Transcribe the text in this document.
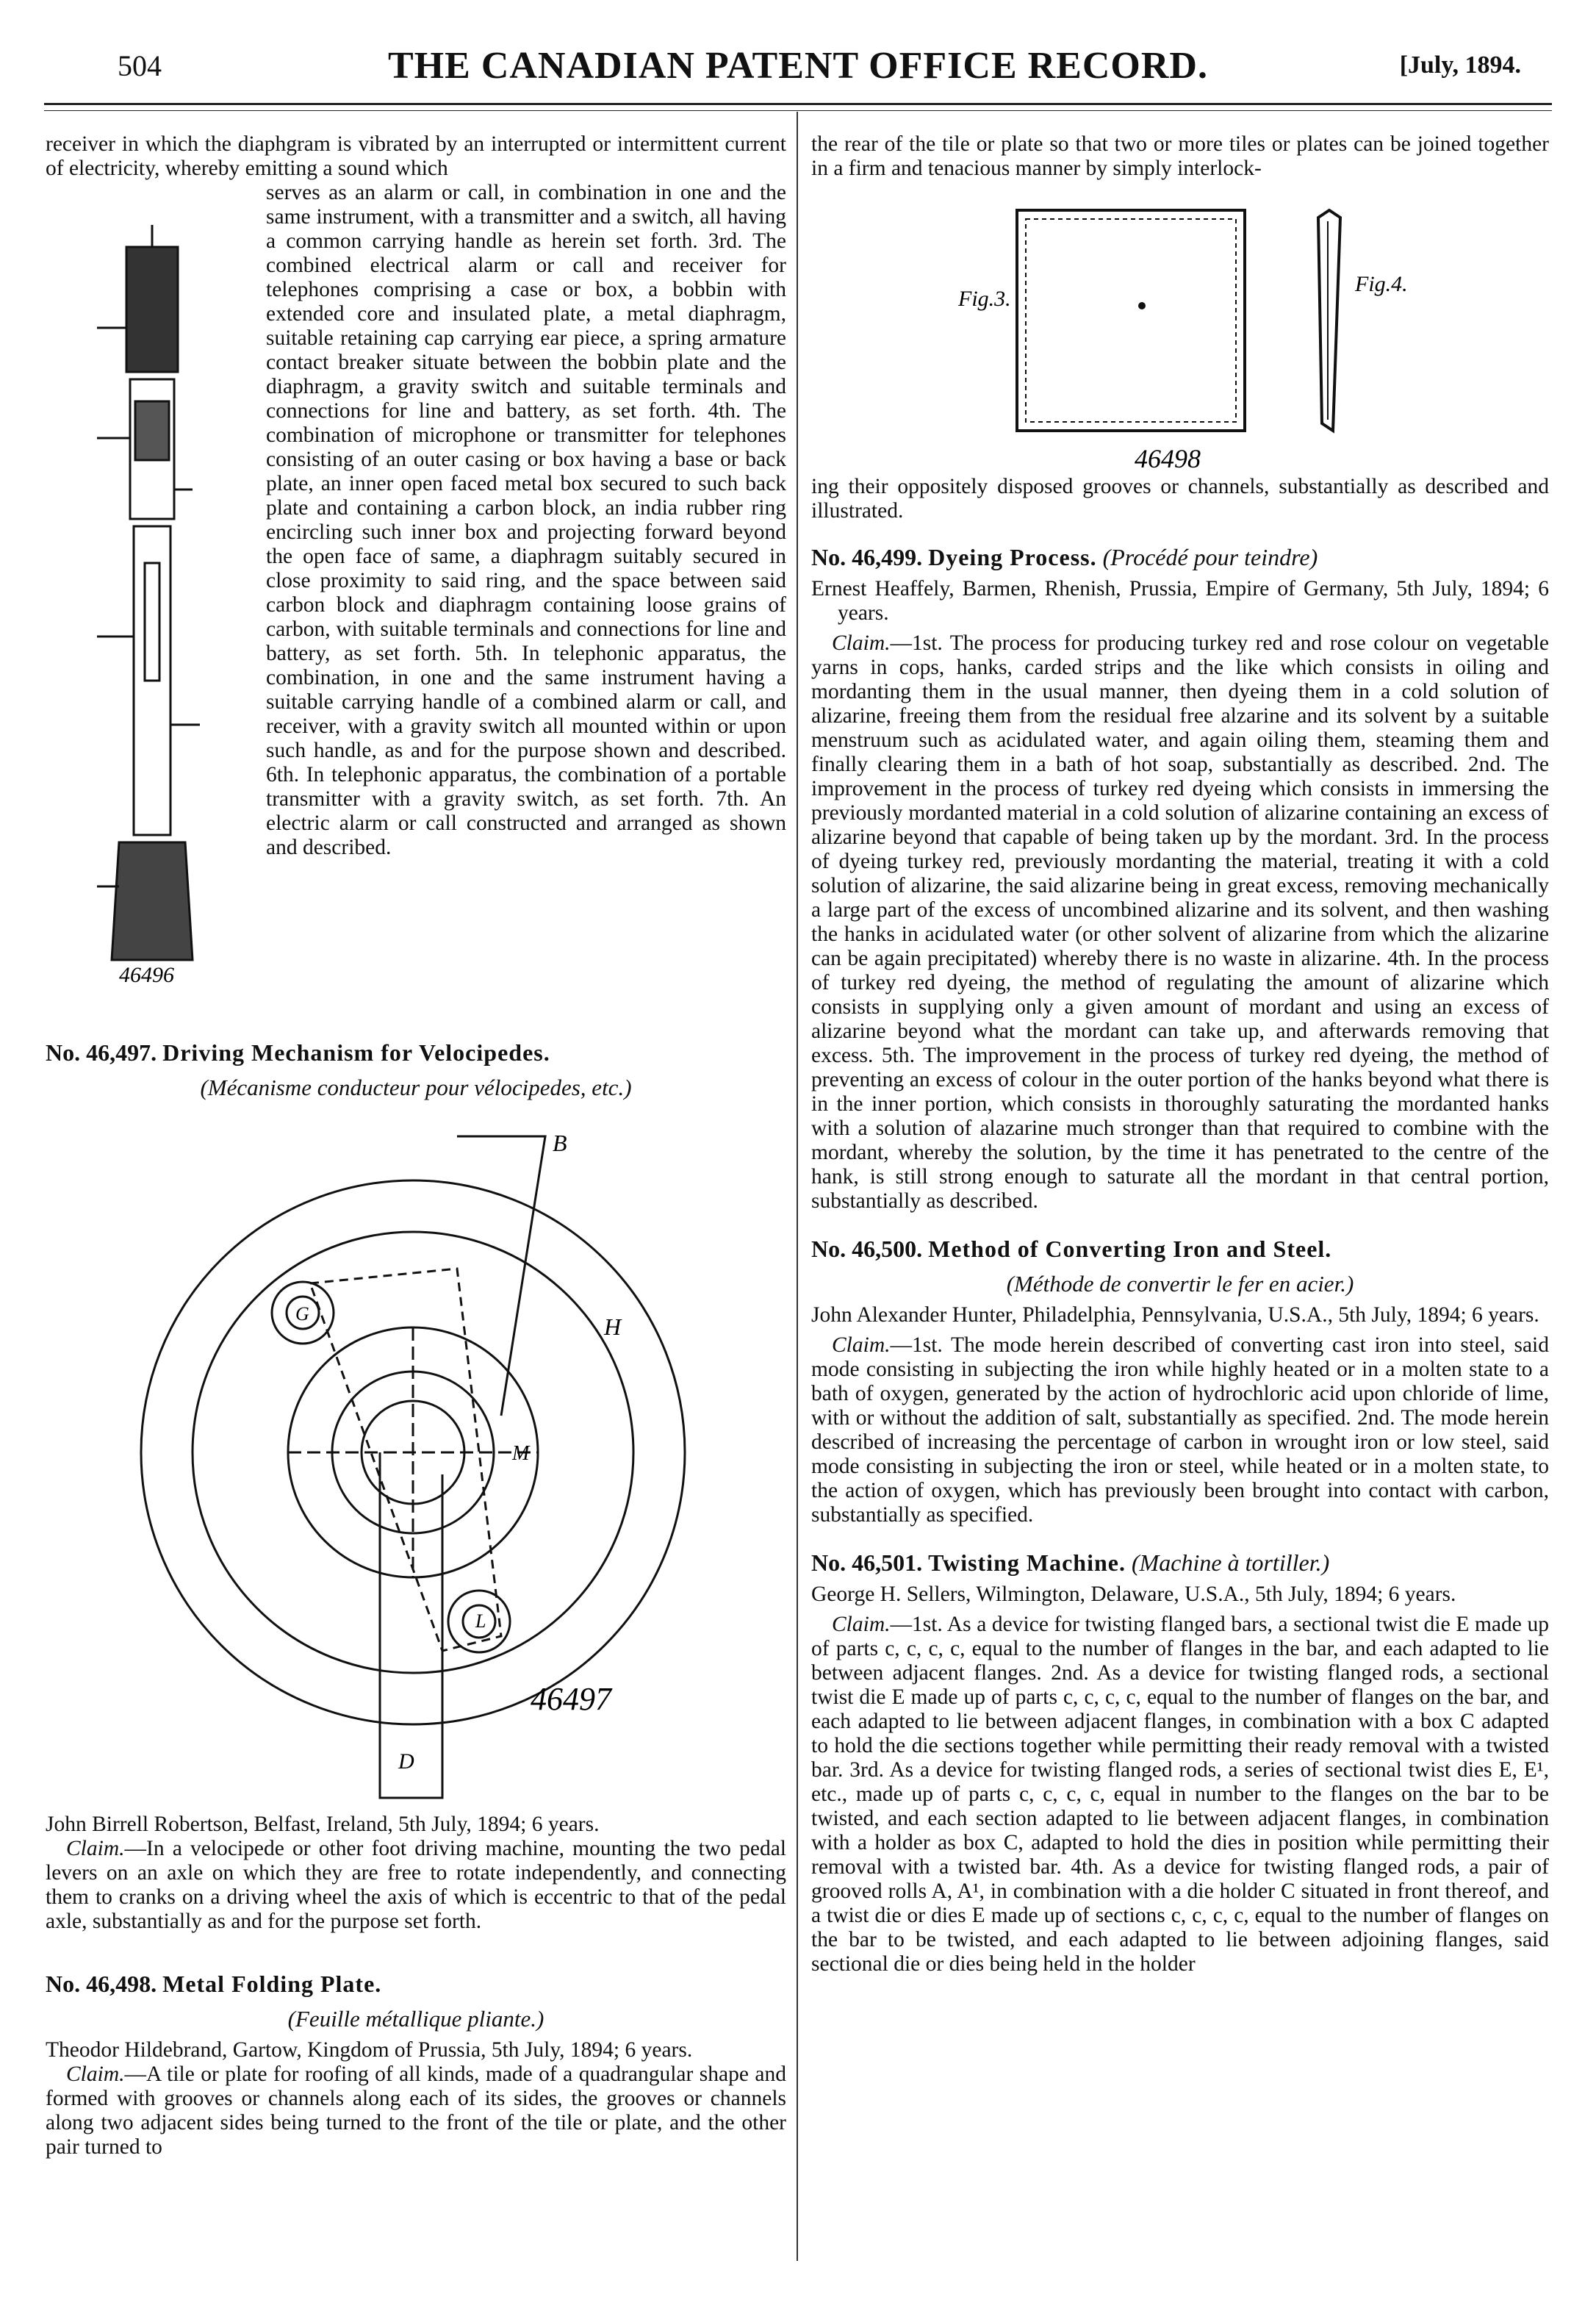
504	THE CANADIAN PATENT OFFICE RECORD.	[July, 1894.

receiver in which the diaphgram is vibrated by an interrupted or intermittent current of electricity, whereby emitting a sound which

46496

serves as an alarm or call, in combination in one and the same instrument, with a transmitter and a switch, all having a common carrying handle as herein set forth. 3rd. The combined electrical alarm or call and receiver for telephones comprising a case or box, a bobbin with extended core and insulated plate, a metal diaphragm, suitable retaining cap carrying ear piece, a spring armature contact breaker situate between the bobbin plate and the diaphragm, a gravity switch and suitable terminals and connections for line and battery, as set forth. 4th. The combination of microphone or transmitter for telephones consisting of an outer casing or box having a base or back plate, an inner open faced metal box secured to such back plate and containing a carbon block, an india rubber ring encircling such inner box and projecting forward beyond the open face of same, a diaphragm suitably secured in close proximity to said ring, and the space between said carbon block and diaphragm containing loose grains of carbon, with suitable terminals and connections for line and battery, as set forth. 5th. In telephonic apparatus, the combination, in one and the same instrument having a suitable carrying handle of a combined alarm or call, and receiver, with a gravity switch all mounted within or upon such handle, as and for the purpose shown and described. 6th. In telephonic apparatus, the combination of a portable transmitter with a gravity switch, as set forth. 7th. An electric alarm or call constructed and arranged as shown and described.

No. 46,497. Driving Mechanism for Velocipedes.

(Mécanisme conducteur pour vélocipedes, etc.)

B
H
G
L
M
D
46497

John Birrell Robertson, Belfast, Ireland, 5th July, 1894; 6 years.

Claim.—In a velocipede or other foot driving machine, mounting the two pedal levers on an axle on which they are free to rotate independently, and connecting them to cranks on a driving wheel the axis of which is eccentric to that of the pedal axle, substantially as and for the purpose set forth.

No. 46,498. Metal Folding Plate.

(Feuille métallique pliante.)

Theodor Hildebrand, Gartow, Kingdom of Prussia, 5th July, 1894; 6 years.

Claim.—A tile or plate for roofing of all kinds, made of a quadrangular shape and formed with grooves or channels along each of its sides, the grooves or channels along two adjacent sides being turned to the front of the tile or plate, and the other pair turned to

the rear of the tile or plate so that two or more tiles or plates can be joined together in a firm and tenacious manner by simply interlock-

Fig.3.
Fig.4.
46498

ing their oppositely disposed grooves or channels, substantially as described and illustrated.

No. 46,499. Dyeing Process. (Procédé pour teindre)

Ernest Heaffely, Barmen, Rhenish, Prussia, Empire of Germany, 5th July, 1894; 6 years.

Claim.—1st. The process for producing turkey red and rose colour on vegetable yarns in cops, hanks, carded strips and the like which consists in oiling and mordanting them in the usual manner, then dyeing them in a cold solution of alizarine, freeing them from the residual free alzarine and its solvent by a suitable menstruum such as acidulated water, and again oiling them, steaming them and finally clearing them in a bath of hot soap, substantially as described. 2nd. The improvement in the process of turkey red dyeing which consists in immersing the previously mordanted material in a cold solution of alizarine containing an excess of alizarine beyond that capable of being taken up by the mordant. 3rd. In the process of dyeing turkey red, previously mordanting the material, treating it with a cold solution of alizarine, the said alizarine being in great excess, removing mechanically a large part of the excess of uncombined alizarine and its solvent, and then washing the hanks in acidulated water (or other solvent of alizarine from which the alizarine can be again precipitated) whereby there is no waste in alizarine. 4th. In the process of turkey red dyeing, the method of regulating the amount of alizarine which consists in supplying only a given amount of mordant and using an excess of alizarine beyond what the mordant can take up, and afterwards removing that excess. 5th. The improvement in the process of turkey red dyeing, the method of preventing an excess of colour in the outer portion of the hanks beyond what there is in the inner portion, which consists in thoroughly saturating the mordanted hanks with a solution of alazarine much stronger than that required to combine with the mordant, whereby the solution, by the time it has penetrated to the centre of the hank, is still strong enough to saturate all the mordant in that central portion, substantially as described.

No. 46,500. Method of Converting Iron and Steel.

(Méthode de convertir le fer en acier.)

John Alexander Hunter, Philadelphia, Pennsylvania, U.S.A., 5th July, 1894; 6 years.

Claim.—1st. The mode herein described of converting cast iron into steel, said mode consisting in subjecting the iron while highly heated or in a molten state to a bath of oxygen, generated by the action of hydrochloric acid upon chloride of lime, with or without the addition of salt, substantially as specified. 2nd. The mode herein described of increasing the percentage of carbon in wrought iron or low steel, said mode consisting in subjecting the iron or steel, while heated or in a molten state, to the action of oxygen, which has previously been brought into contact with carbon, substantially as specified.

No. 46,501. Twisting Machine. (Machine à tortiller.)

George H. Sellers, Wilmington, Delaware, U.S.A., 5th July, 1894; 6 years.

Claim.—1st. As a device for twisting flanged bars, a sectional twist die E made up of parts c, c, c, c, equal to the number of flanges in the bar, and each adapted to lie between adjacent flanges. 2nd. As a device for twisting flanged rods, a sectional twist die E made up of parts c, c, c, c, equal to the number of flanges on the bar, and each adapted to lie between adjacent flanges, in combination with a box C adapted to hold the die sections together while permitting their ready removal with a twisted bar. 3rd. As a device for twisting flanged rods, a series of sectional twist dies E, E¹, etc., made up of parts c, c, c, c, equal in number to the flanges on the bar to be twisted, and each section adapted to lie between adjacent flanges, in combination with a holder as box C, adapted to hold the dies in position while permitting their removal with a twisted bar. 4th. As a device for twisting flanged rods, a pair of grooved rolls A, A¹, in combination with a die holder C situated in front thereof, and a twist die or dies E made up of sections c, c, c, c, equal to the number of flanges on the bar to be twisted, and each adapted to lie between adjoining flanges, said sectional die or dies being held in the holder
